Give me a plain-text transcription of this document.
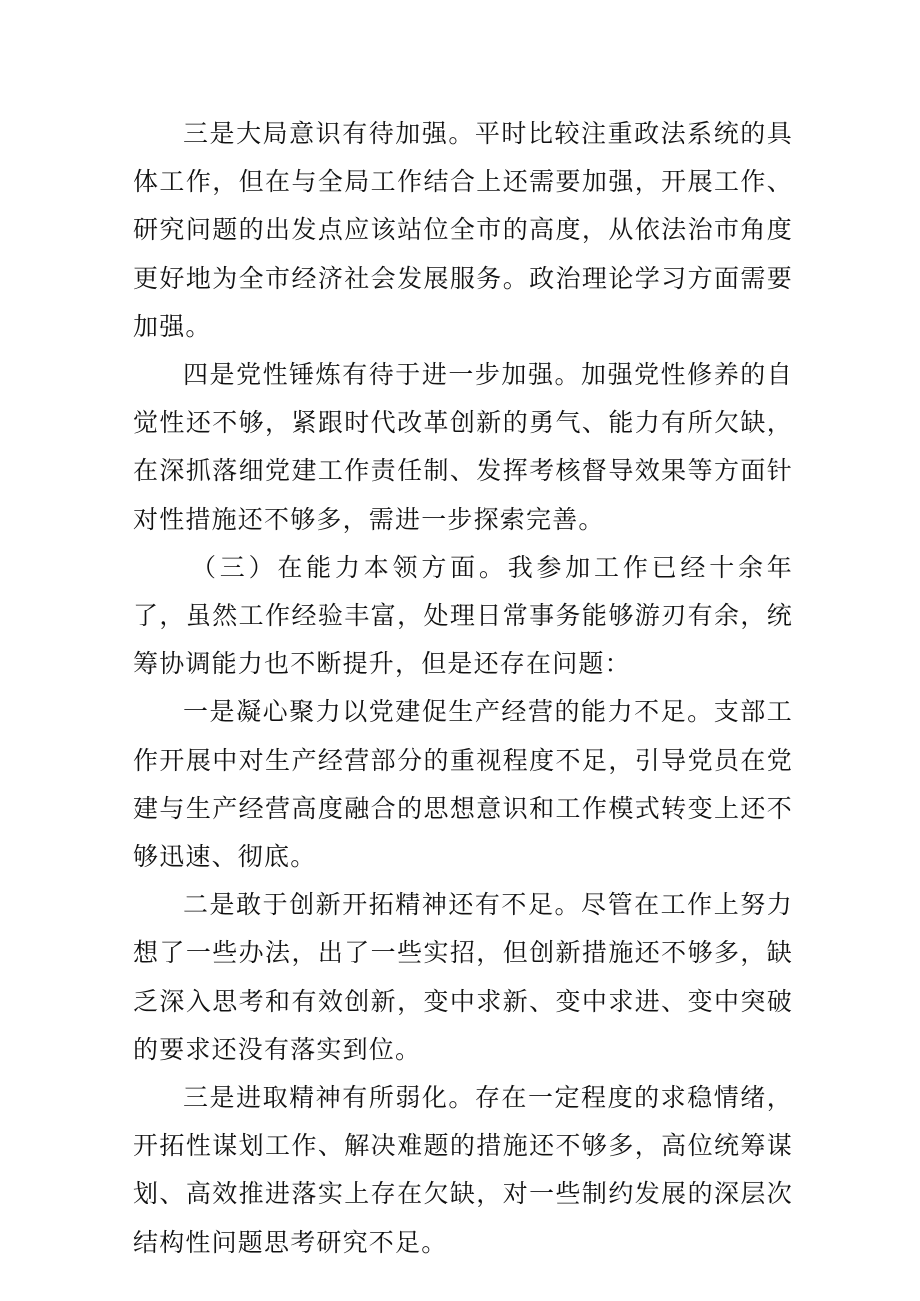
三是大局意识有待加强。平时比较注重政法系统的具体工作，但在与全局工作结合上还需要加强，开展工作、研究问题的出发点应该站位全市的高度，从依法治市角度更好地为全市经济社会发展服务。政治理论学习方面需要加强。

四是党性锤炼有待于进一步加强。加强党性修养的自觉性还不够，紧跟时代改革创新的勇气、能力有所欠缺，在深抓落细党建工作责任制、发挥考核督导效果等方面针对性措施还不够多，需进一步探索完善。

（三）在能力本领方面。我参加工作已经十余年了，虽然工作经验丰富，处理日常事务能够游刃有余，统筹协调能力也不断提升，但是还存在问题：

一是凝心聚力以党建促生产经营的能力不足。支部工作开展中对生产经营部分的重视程度不足，引导党员在党建与生产经营高度融合的思想意识和工作模式转变上还不够迅速、彻底。

二是敢于创新开拓精神还有不足。尽管在工作上努力想了一些办法，出了一些实招，但创新措施还不够多，缺乏深入思考和有效创新，变中求新、变中求进、变中突破的要求还没有落实到位。

三是进取精神有所弱化。存在一定程度的求稳情绪，开拓性谋划工作、解决难题的措施还不够多，高位统筹谋划、高效推进落实上存在欠缺，对一些制约发展的深层次结构性问题思考研究不足。
